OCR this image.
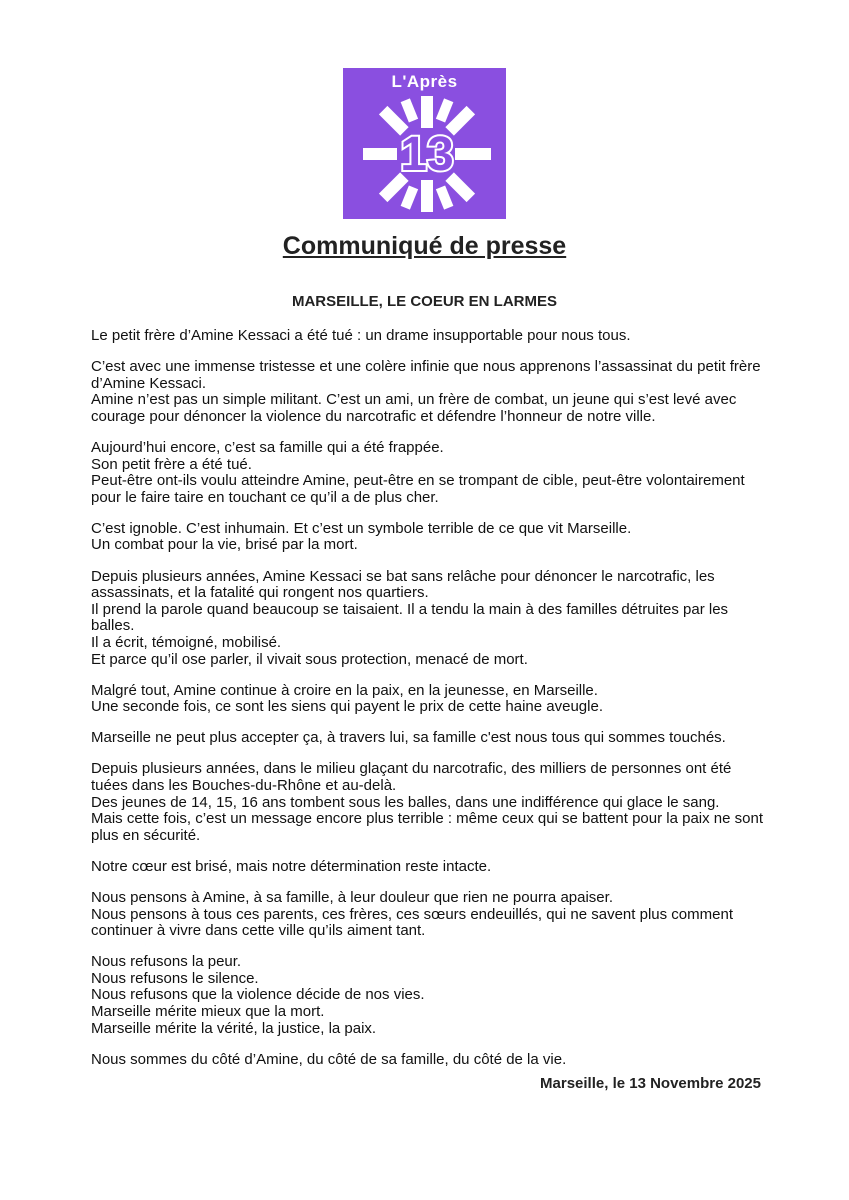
13
L'Après
Communiqué de presse
MARSEILLE, LE COEUR EN LARMES
Le petit frère d’Amine Kessaci a été tué : un drame insupportable pour nous tous.
C’est avec une immense tristesse et une colère infinie que nous apprenons l’assassinat du petit frère
d’Amine Kessaci.
Amine n’est pas un simple militant. C’est un ami, un frère de combat, un jeune qui s’est levé avec
courage pour dénoncer la violence du narcotrafic et défendre l’honneur de notre ville.
Aujourd’hui encore, c’est sa famille qui a été frappée.
Son petit frère a été tué.
Peut-être ont-ils voulu atteindre Amine, peut-être en se trompant de cible, peut-être volontairement
pour le faire taire en touchant ce qu’il a de plus cher.
C’est ignoble. C’est inhumain. Et c’est un symbole terrible de ce que vit Marseille.
Un combat pour la vie, brisé par la mort.
Depuis plusieurs années, Amine Kessaci se bat sans relâche pour dénoncer le narcotrafic, les
assassinats, et la fatalité qui rongent nos quartiers.
Il prend la parole quand beaucoup se taisaient. Il a tendu la main à des familles détruites par les balles.
Il a écrit, témoigné, mobilisé.
Et parce qu’il ose parler, il vivait sous protection, menacé de mort.
Malgré tout, Amine continue à croire en la paix, en la jeunesse, en Marseille.
Une seconde fois, ce sont les siens qui payent le prix de cette haine aveugle.
Marseille ne peut plus accepter ça, à travers lui, sa famille c'est nous tous qui sommes touchés.
Depuis plusieurs années, dans le milieu glaçant du narcotrafic, des milliers de personnes ont été
tuées dans les Bouches-du-Rhône et au-delà.
Des jeunes de 14, 15, 16 ans tombent sous les balles, dans une indifférence qui glace le sang.
Mais cette fois, c’est un message encore plus terrible : même ceux qui se battent pour la paix ne sont
plus en sécurité.
Notre cœur est brisé, mais notre détermination reste intacte.
Nous pensons à Amine, à sa famille, à leur douleur que rien ne pourra apaiser.
Nous pensons à tous ces parents, ces frères, ces sœurs endeuillés, qui ne savent plus comment
continuer à vivre dans cette ville qu’ils aiment tant.
Nous refusons la peur.
Nous refusons le silence.
Nous refusons que la violence décide de nos vies.
Marseille mérite mieux que la mort.
Marseille mérite la vérité, la justice, la paix.
Nous sommes du côté d’Amine, du côté de sa famille, du côté de la vie.
Marseille, le 13 Novembre 2025
